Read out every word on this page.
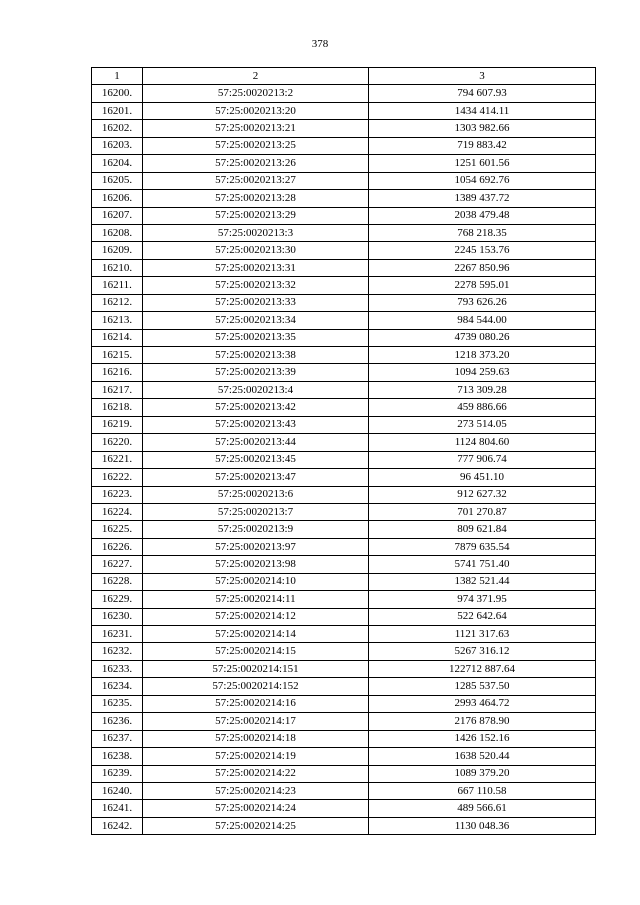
378
1	2	3
16200.	57:25:0020213:2	794 607.93
16201.	57:25:0020213:20	1434 414.11
16202.	57:25:0020213:21	1303 982.66
16203.	57:25:0020213:25	719 883.42
16204.	57:25:0020213:26	1251 601.56
16205.	57:25:0020213:27	1054 692.76
16206.	57:25:0020213:28	1389 437.72
16207.	57:25:0020213:29	2038 479.48
16208.	57:25:0020213:3	768 218.35
16209.	57:25:0020213:30	2245 153.76
16210.	57:25:0020213:31	2267 850.96
16211.	57:25:0020213:32	2278 595.01
16212.	57:25:0020213:33	793 626.26
16213.	57:25:0020213:34	984 544.00
16214.	57:25:0020213:35	4739 080.26
16215.	57:25:0020213:38	1218 373.20
16216.	57:25:0020213:39	1094 259.63
16217.	57:25:0020213:4	713 309.28
16218.	57:25:0020213:42	459 886.66
16219.	57:25:0020213:43	273 514.05
16220.	57:25:0020213:44	1124 804.60
16221.	57:25:0020213:45	777 906.74
16222.	57:25:0020213:47	96 451.10
16223.	57:25:0020213:6	912 627.32
16224.	57:25:0020213:7	701 270.87
16225.	57:25:0020213:9	809 621.84
16226.	57:25:0020213:97	7879 635.54
16227.	57:25:0020213:98	5741 751.40
16228.	57:25:0020214:10	1382 521.44
16229.	57:25:0020214:11	974 371.95
16230.	57:25:0020214:12	522 642.64
16231.	57:25:0020214:14	1121 317.63
16232.	57:25:0020214:15	5267 316.12
16233.	57:25:0020214:151	122712 887.64
16234.	57:25:0020214:152	1285 537.50
16235.	57:25:0020214:16	2993 464.72
16236.	57:25:0020214:17	2176 878.90
16237.	57:25:0020214:18	1426 152.16
16238.	57:25:0020214:19	1638 520.44
16239.	57:25:0020214:22	1089 379.20
16240.	57:25:0020214:23	667 110.58
16241.	57:25:0020214:24	489 566.61
16242.	57:25:0020214:25	1130 048.36
